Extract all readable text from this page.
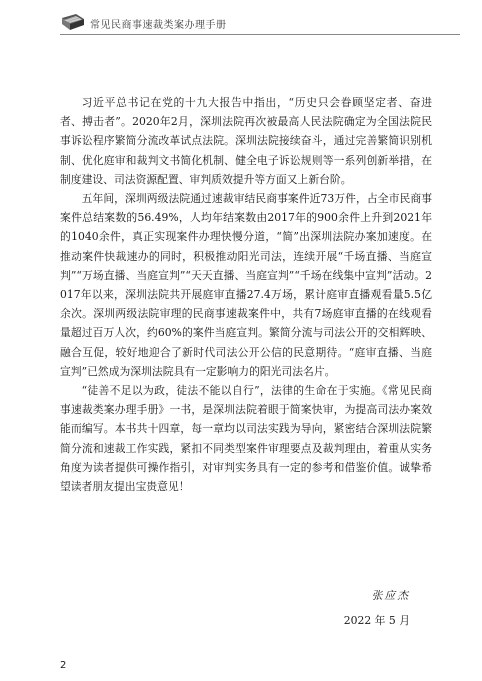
常见民商事速裁类案办理手册

习近平总书记在党的十九大报告中指出，“历史只会眷顾坚定者、奋进者、搏击者”。2020年2月，深圳法院再次被最高人民法院确定为全国法院民事诉讼程序繁简分流改革试点法院。深圳法院接续奋斗，通过完善繁简识别机制、优化庭审和裁判文书简化机制、健全电子诉讼规则等一系列创新举措，在制度建设、司法资源配置、审判质效提升等方面又上新台阶。

五年间，深圳两级法院通过速裁审结民商事案件近73万件，占全市民商事案件总结案数的56.49%，人均年结案数由2017年的900余件上升到2021年的1040余件，真正实现案件办理快慢分道，“简”出深圳法院办案加速度。在推动案件快裁速办的同时，积极推动阳光司法，连续开展“千场直播、当庭宣判”“万场直播、当庭宣判”“天天直播、当庭宣判”“千场在线集中宣判”活动。2017年以来，深圳法院共开展庭审直播27.4万场，累计庭审直播观看量5.5亿余次。深圳两级法院审理的民商事速裁案件中，共有7场庭审直播的在线观看量超过百万人次，约60%的案件当庭宣判。繁简分流与司法公开的交相辉映、融合互促，较好地迎合了新时代司法公开公信的民意期待。“庭审直播、当庭宣判”已然成为深圳法院具有一定影响力的阳光司法名片。

“徒善不足以为政，徒法不能以自行”，法律的生命在于实施。《常见民商事速裁类案办理手册》一书，是深圳法院着眼于简案快审，为提高司法办案效能而编写。本书共十四章，每一章均以司法实践为导向，紧密结合深圳法院繁简分流和速裁工作实践，紧扣不同类型案件审理要点及裁判理由，着重从实务角度为读者提供可操作指引，对审判实务具有一定的参考和借鉴价值。诚挚希望读者朋友提出宝贵意见！

张应杰
2022 年 5 月
2
